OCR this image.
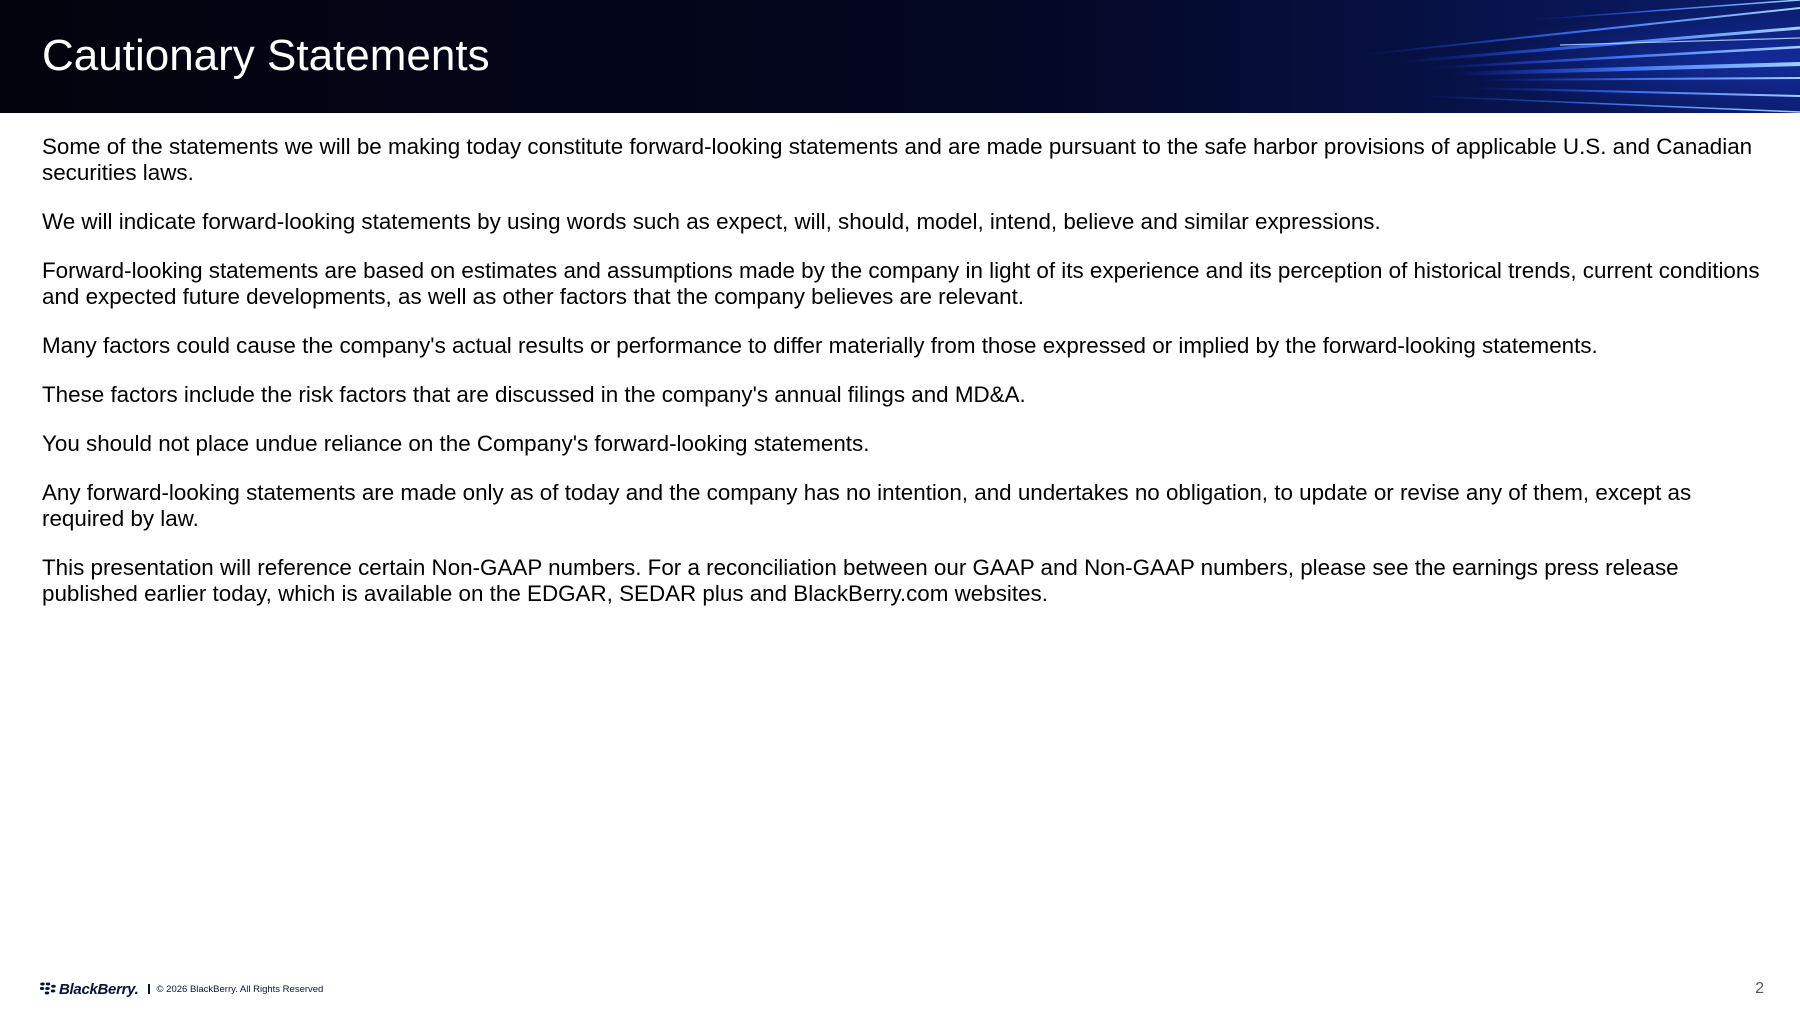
Cautionary Statements

Some of the statements we will be making today constitute forward-looking statements and are made pursuant to the safe harbor provisions of applicable U.S. and Canadian securities laws.

We will indicate forward-looking statements by using words such as expect, will, should, model, intend, believe and similar expressions.

Forward-looking statements are based on estimates and assumptions made by the company in light of its experience and its perception of historical trends, current conditions and expected future developments, as well as other factors that the company believes are relevant.

Many factors could cause the company's actual results or performance to differ materially from those expressed or implied by the forward-looking statements.

These factors include the risk factors that are discussed in the company's annual filings and MD&A.

You should not place undue reliance on the Company's forward-looking statements.

Any forward-looking statements are made only as of today and the company has no intention, and undertakes no obligation, to update or revise any of them, except as required by law.

This presentation will reference certain Non-GAAP numbers. For a reconciliation between our GAAP and Non-GAAP numbers, please see the earnings press release published earlier today, which is available on the EDGAR, SEDAR plus and BlackBerry.com websites.

BlackBerry. © 2026 BlackBerry. All Rights Reserved	2
